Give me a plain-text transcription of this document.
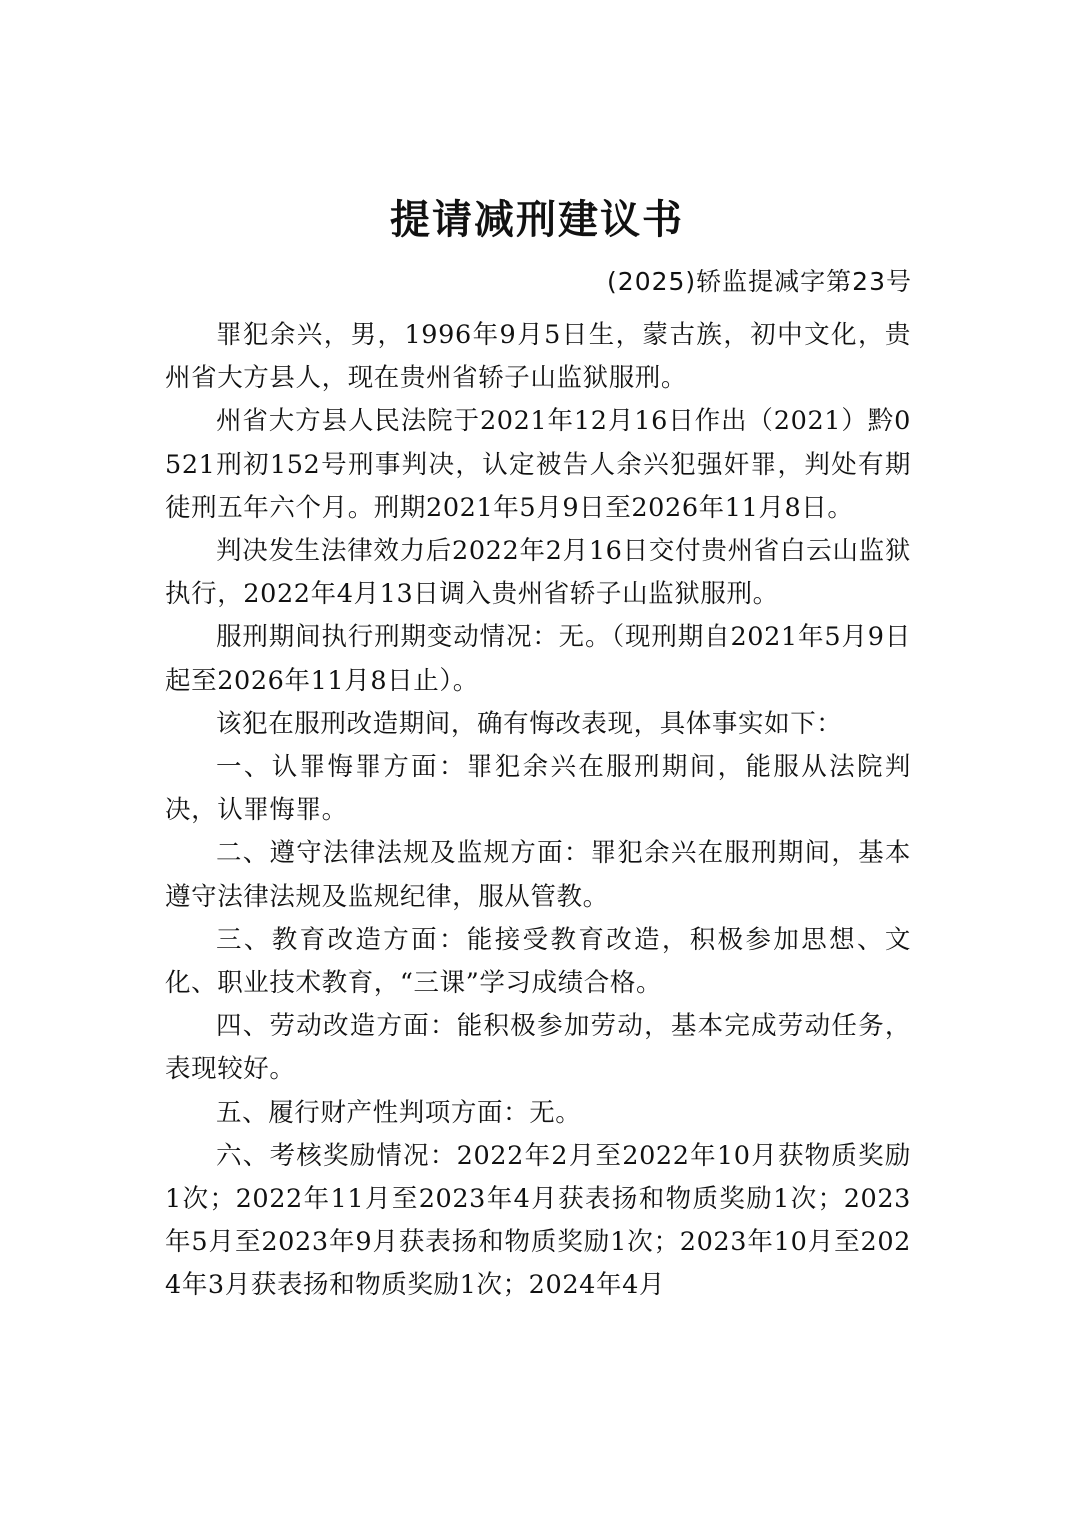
提请减刑建议书
(2025)轿监提减字第23号

罪犯余兴，男，1996年9月5日生，蒙古族，初中文化，贵州省大方县人，现在贵州省轿子山监狱服刑。

州省大方县人民法院于2021年12月16日作出（2021）黔0521刑初152号刑事判决，认定被告人余兴犯强奸罪，判处有期徒刑五年六个月。刑期2021年5月9日至2026年11月8日。

判决发生法律效力后2022年2月16日交付贵州省白云山监狱执行，2022年4月13日调入贵州省轿子山监狱服刑。

服刑期间执行刑期变动情况：无。（现刑期自2021年5月9日起至2026年11月8日止）。

该犯在服刑改造期间，确有悔改表现，具体事实如下：

一、认罪悔罪方面：罪犯余兴在服刑期间，能服从法院判决，认罪悔罪。

二、遵守法律法规及监规方面：罪犯余兴在服刑期间，基本遵守法律法规及监规纪律，服从管教。

三、教育改造方面：能接受教育改造，积极参加思想、文化、职业技术教育，“三课”学习成绩合格。

四、劳动改造方面：能积极参加劳动，基本完成劳动任务，表现较好。

五、履行财产性判项方面：无。

六、考核奖励情况：2022年2月至2022年10月获物质奖励1次；2022年11月至2023年4月获表扬和物质奖励1次；2023年5月至2023年9月获表扬和物质奖励1次；2023年10月至2024年3月获表扬和物质奖励1次；2024年4月
